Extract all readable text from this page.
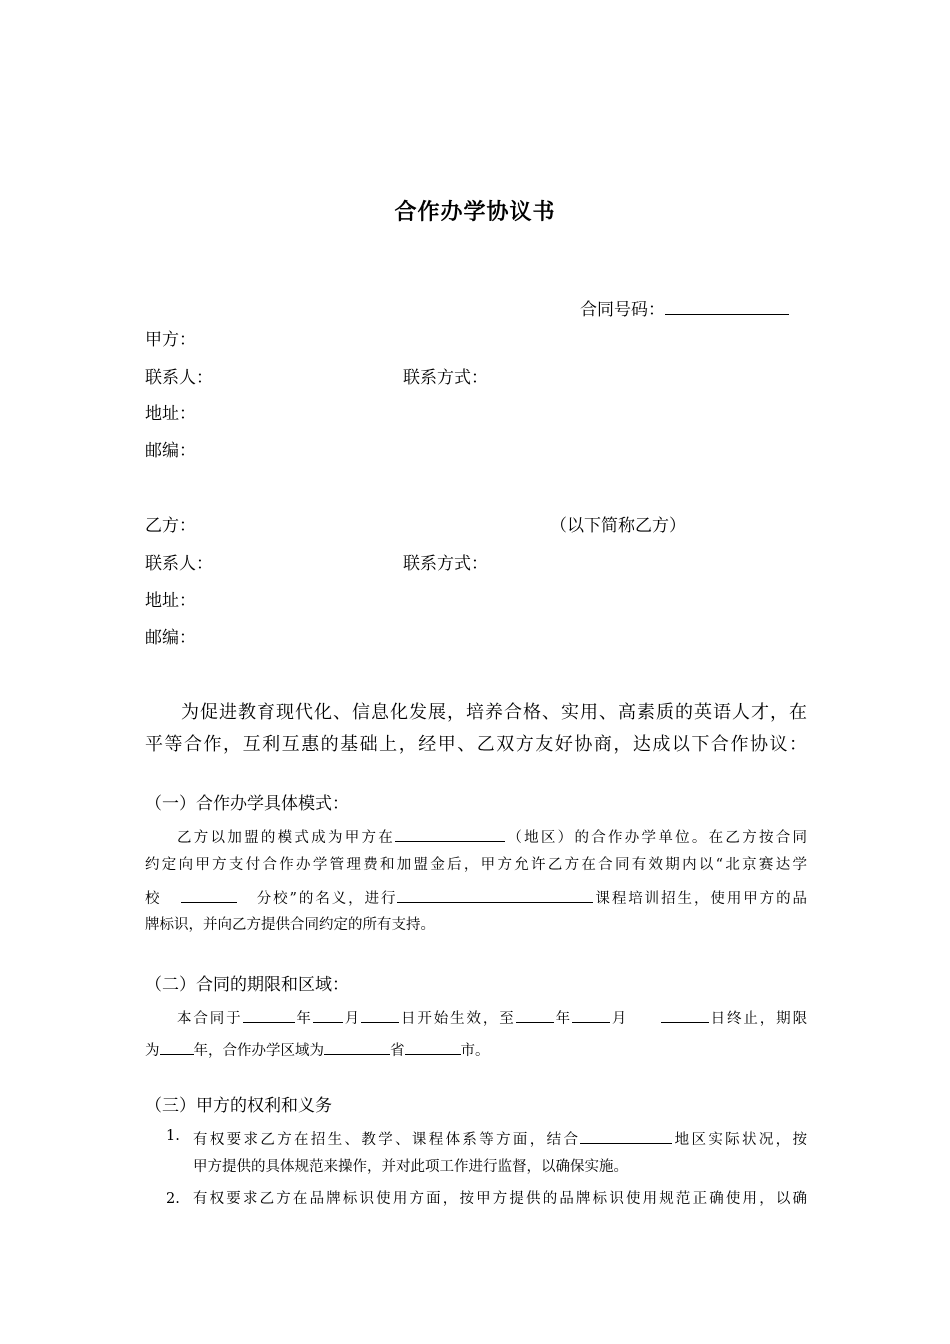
合作办学协议书
合同号码：
甲方：
联系人：	联系方式：
地址：
邮编：
乙方：	（以下简称乙方）
联系人：	联系方式：
地址：
邮编：
为促进教育现代化、信息化发展，培养合格、实用、高素质的英语人才，在
平等合作，互利互惠的基础上，经甲、乙双方友好协商，达成以下合作协议：
（一）合作办学具体模式：
乙方以加盟的模式成为甲方在	（地区）的合作办学单位。在乙方按合同
约定向甲方支付合作办学管理费和加盟金后，甲方允许乙方在合同有效期内以“北京赛达学
校	分校”的名义，进行	课程培训招生，使用甲方的品
牌标识，并向乙方提供合同约定的所有支持。
（二）合同的期限和区域：
本合同于	年 月	日开始生效，至	年	月	日终止，期限
为 年，合作办学区域为	省	市。
（三）甲方的权利和义务
1. 有权要求乙方在招生、教学、课程体系等方面，结合	地区实际状况，按
甲方提供的具体规范来操作，并对此项工作进行监督，以确保实施。
2. 有权要求乙方在品牌标识使用方面，按甲方提供的品牌标识使用规范正确使用，以确
